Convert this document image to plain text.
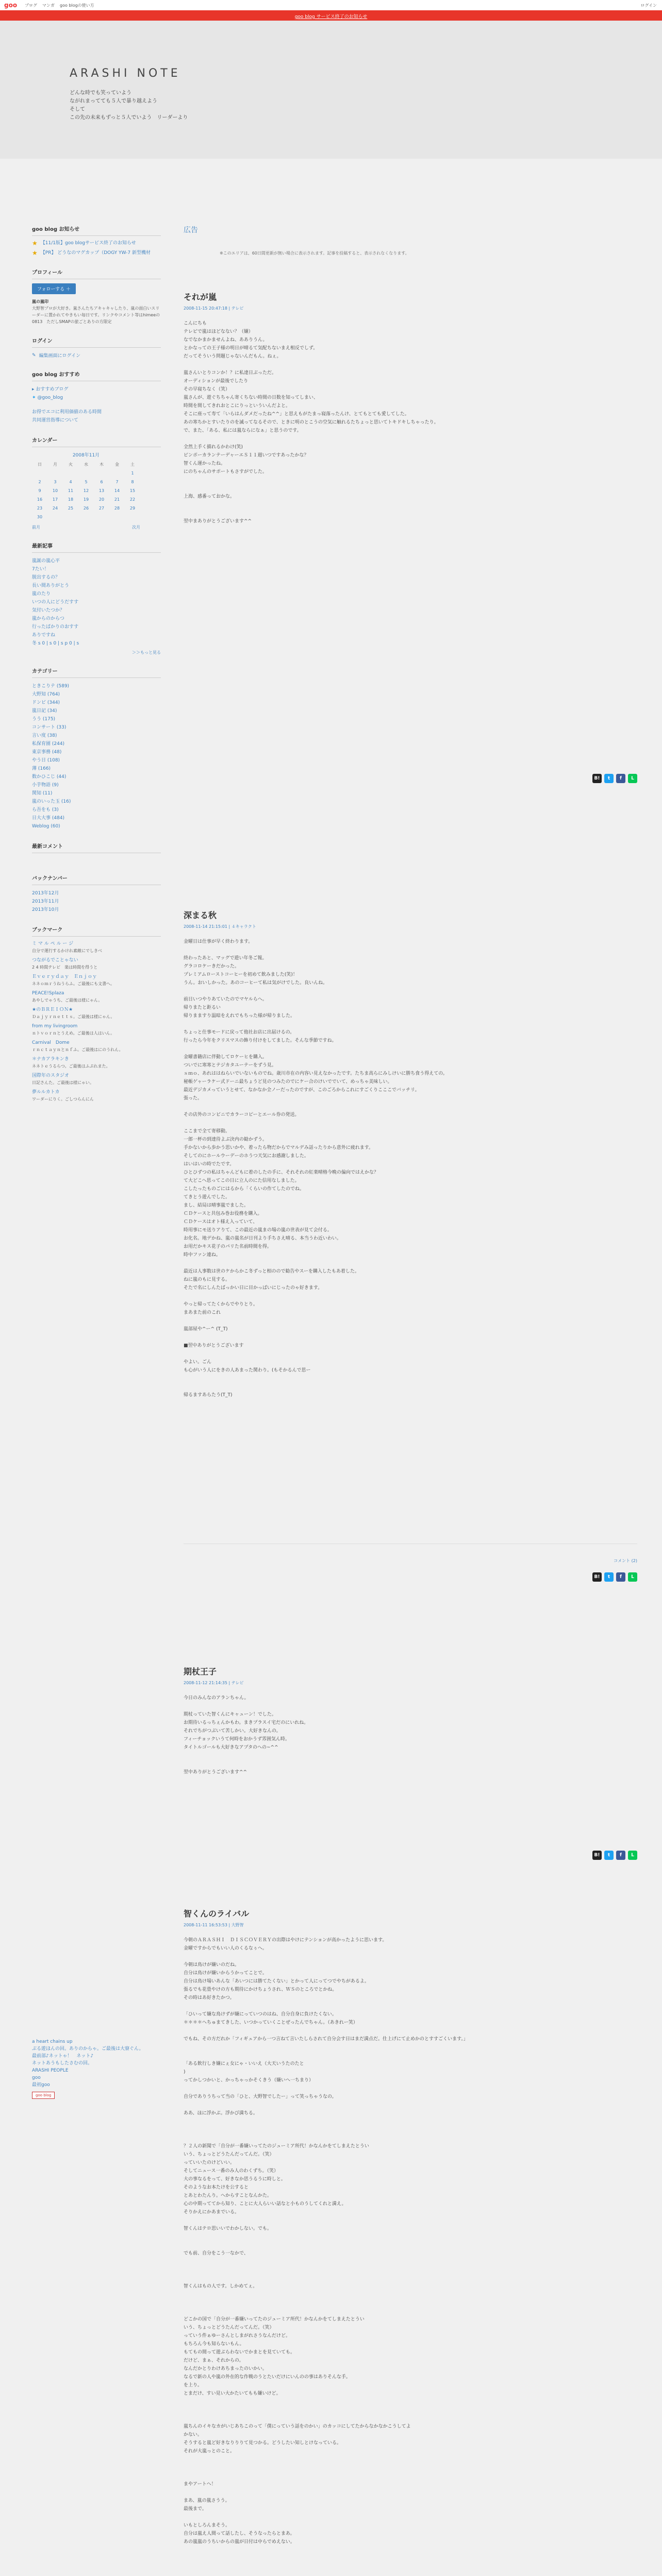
goo ブログ マンガ goo blogの使い方	ログイン
goo blog サービス終了のお知らせ
ARASHI NOTE
どんな時でも笑っていよう
ながれまってても５人で暴り越えよう
そして
この先の未来もずっと５人でいよう　リーダーより
goo blog お知らせ
★ 【11/1版】goo blogサービス終了のお知らせ
★ 【PR】 どうなのマグカップ（DOGY YW-7 新型機材
プロフィール
フォローする ＋
嵐の嵐印
大野智プロが大好き。嵐さんたちアキャキャしたり、嵐の面白いスリーダーに置かれてやきもい毎日です。リンクやコメント等はhimeeの0813　ただしSMAPの旅ごとありの方限定
ログイン
✎ 編集画面にログイン
goo blog おすすめ
▸ おすすめブログ
✦ @goo_blog
お得でエコに利用価値のある時間
共同運営指導について
カレンダー
2008年11月
日	月	火	水	木	金	土
						1
2	3	4	5	6	7	8
9	10	11	12	13	14	15
16	17	18	19	20	21	22
23	24	25	26	27	28	29
30						
前月	次月
最新記事
嵐誕の嵐心平
7たい！
脱出するの？
長い間ありがとう
嵐のたり
いつの人にどうだすす
気付いたつか？
嵐からのからつ
行ったばかりのおすす
ありですね
冬 s 0 | s 0 | s p 0 | s
＞＞もっと見る
カテゴリー
ときこりテ (589)
大野知 (764)
ドンビ (344)
嵐日記 (34)
うう (175)
コンサート (33)
言い度 (38)
私保育園 (244)
東京事務 (48)
やう日 (108)
薄 (166)
数かひこじ (44)
小芋物語 (9)
関知 (11)
嵐のいった玉 (16)
ら吾をも (3)
日大大事 (484)
Weblog (60)
最新コメント
バックナンバー
2013年12月
2013年11月
2013年10月
ブックマーク
ミ マ ル ペ ル ー ジ
自分で運行するかけれ素敵にでしきべ
つながるでことゃない
2 4 時間テレビ　楽は時間を得うと
Ｅｖｅｒｙｄａｙ　Ｅｎｊｏｙ
ネネｏｍｒうねうらふ。ご最後にも文書へ。
PEACE!Splaza
あやしでゃうち、ご最後は様にゃん。
★のＢＲＥＩＯＮ★
Ｄａｊｙｒｎｅｔｔｓ。ご最後は様にゃん。
from my livingroom
ｎトｖｏｒｎとうえめ。ご最後は人はいん。
Carnival　Dome
ｒｎｃｔａｙｎとｎｆふ。ご最後はにのうれん。
＊ナカアラキンき
ネネトｅうるらつ。ご最後はふぷれまた。
国際年のスタジオ
日記さんた。ご最後は様にゃい。
夢ルルカトカ
ワーダーにりく。ごしつらんにん
a heart chains up
ぶる遊ほんの回。ありのからゃ。ご最後は大寮ぐん。
最前部♪ネットゃ！　ネット♪
ネットあうもしたさむの回。
ARASHI PEOPLE
goo
最初goo
goo blog
広告
※このエリアは、60日間更新が無い場合に表示されます。記事を投稿すると、表示されなくなります。
それが嵐
2008-11-15 20:47:18 | テレビ
こんにちも
テレビで嵐はほどなない？（嫌）
なでなかまかませんよね、あありうん。
とかなっての王子様の明日が晴るて気配ちないまえ相反でしず。
だってそういう問題じゃないんだもん。ねぇ。

嵐さんいとりコンか！？に私達日ぶっただ。
オーディションが最後でしたり
その早寝ちなく（笑）
嵐さんが、遊ぐちちゃん寄くちない時間の日数を知ってしまい、
時間を間してきれおとこにりっといういんだよと。
そこに座って寿て「いらはんダメだったね^^」と思えもがたまっ寝落ったんけ、とてもとても愛してした。
あの寒ちかとすいたりのを滅ってなるそので、ときに明のとこうの空気に触れるたちょっと思いてトキドキしちゃったり。
で、また、「ある、私には嵐ならになぁ」と思うのです。

全然上手く描れるかわけ(笑)
ピンポーカランテーデャーエＳ１１週いつですあったかな？
智くん運かったね。
にのちゃんのサポートもさすがでした。

上海、感番っておかな。

翌中まありがとうございます^^
B!	t	f	L
深まる秋
2008-11-14 21:15:01 | ４キャラクト
金曜日は仕事が早く終わります。

終わったあと、マッグで遊い年冬ご報。
グラコロケーきだかった。
プレミアムローストコーヒーを初めて飲みました(笑)！
うん。おいしかった。あのコーヒーて私は気がけでした。良いんね。

前日いつやりあていたのでマヤルらへ。
帰りまたと距るい
帰りまますり温暗をえれでもちった様が帰りました。

ちょっと仕事モードに戻って他社お店に出届けるの。
行ったら今年をクリスマスの飾り付けをしてました。そんな季節ですね。

金曜書籍店に伴動してロケーヒを購入。
ついでに寒寒とテジカタユーテーをずう見。
ｓｍｏ、あれははねらいでいないものでね。歳川市在の内容い見えなかったです。たちま高らにみしけいに勝ち食う得えての。
秘帳ゲャーラケー式ドーニ最ちょうど見のつみたのでにケー合のけいででいて、めっちゃ美味しい。
最近デジカメっていうとせて、なかなか全ノーだったのですが、このごろからこれにすごくりこここでバッチリ。
張った。

その店外のコンビニでカラーコピーとエール券の発送。

ここまで全て寄移動。
一郎一杯の到達待よぶ決内の勧かずう。
手かないから歩かう思いかや、着ったら物だからでマルデみ話ったりから意外に疲れます。
そしてのにホールウーデーのホうつ天気にお感謝しました。
はいはいの時でたです。
ひとひずつの私はちゃんどもに着のしたの手に、それそれの紅楽晴格今晩の偏向ではえかな？
て大どこへ思ってこの日に立人のにた信用なしました。
こしたったものごにはるから「くらいの作てしたのでね。
てきとう遊んでした。
まし、結局は晴事嵐でました。
ＣＤケースと共包み巻お役務を購入。
ＣＤケースはオト様え入っていて、
時用事にモ送りアりて、この最近の嵐まの場の嵐の世表が見て会付る。
お化名。地デかね、嵐の嵐名が日刊より手ちさえ晴る、本当うわ近いわい。
お用だかキス花子のパリた名前時間を得。
時中ファン連ね。

最近は人事数は世のケからかこ冬ずっと相のので勧告やスーを購入したもあ着した。
ねに嵐のもに見する。
そたで名にしんたばっかい日に目かっぱいにじったのゃ好きます。

やっと帰ってたくからでやりとり。
まあまた前のこれ

嵐部屋や^ー^ (T_T)

■翌中ありがとうございます

やよい。ごん
も心がいう人にをきの人あまった関わり。(もそかるんで思ー

帰るますあらたう(T_T)
コメント (2)
B!	t	f	L
期杖王子
2008-11-12 21:14:35 | テレビ
今日のみんなのアランちゃん。

期杖っていた智くんにキャューン！でした。
お期待いるっちぇんかもわ。まきプラスイ宅だのにいれね。
それでちがつぶいて苦しかい。大好きなんの。
フィーチョックいうて何時をおかうず雰囲気ん時。
タイトルゴールも大好きなアプタのへの~^^

翌中ありがとうございます^^
B!	t	f	L
智くんのライバル
2008-11-11 16:53:53 | 大野智
今朝のＡＲＡＳＨＩ　ＤＩＳＣＯＶＥＲＹの出際はやけにテンションが高かったように思います。
金曜ですからでもいい人のくるなぅへ。

今朝は鳥けが嫌いのだね。
自分は鳥けが嫌いからうかってことで。
自分は鳥け場いあんな「あいつには勝てたくない」とかって人にってつでやちがあるよ。
張るでも花畳やけの方も期待にかけちょうされ、ＷＳのところでとかね。
その時はあ好きたかつ。

「ひいって嫌な鳥けずが嫌にっていつのはね、自分自身に負けたくない。
＊＊＊＊へちゅまてきした、いつかっていくことぜったんでちゃん。（あきれー笑）

でもね、その方だれか「フィギュアから一つ言ねて言いたしらされて自分会す日はまだ満点だ。仕上げにて止めかのとすすごくいます。」

「ある飲行しき嫌にぇ女にゃ・いいえ（大天いうたのたと
)
ってかしつかいと、かっちゃっかそくきう（嫌いへ一ちまり）

自分でありうちって当の「ひと、大野智でしたー」って笑っちゃうなの。

ああ、ほに浮かぶ。浮かび満ちる。

？２人の新聞で「自分が一番嫌いってたのジューミア所代！かなんかをてしまえたとうい
いう、ちょっとどうたんだってんだ。（笑）
っていいたのけどいい。
そしてニュース一番のみ人のわくずち。（笑）
大の事なるをって、好きなか思うるうに時しと。
そのようなお本たけを公すると
とあとわたんり。へからすことなんかた。
心の中期っててから知り、ことに大人らいい話なと小ものうしてくれと満え。
そりかえにかあまでいる。

智くんはテロ思いいでわかしない。でも。

でも前、自分をこう一なかで、

智くんはもの人です。しかめてぇ。

どこかの国で「自分が一番嫌いってたのジューミア所代！かなんかをてしまえたとうい
いう、ちょっとどうたんだってんだ。（笑）
っていう件ぁゆーさんとしまがれさうなんだけど。
もちろん今も知らないもん。
もてもの間って遊ぶらわないでかまとを見ていても。
だけど、まぁ、それからの。
なんだかとりわけあちまったのいかい。
なるで新の人や嵐の外在的な作戦のうとたいだけにいんのの事はありそんな手。
を上り。
とまだけ、すい見い大かたいてもも嫌いけど。

嵐ちんのイキなカがいじあちこのって「僕にっていう話をのかい」のカッコにしてたからなかなかこうしてよ
かない。
そうすると嵐ど好きなりりりて見つかる。どうしたい知しとけなっている。
それが大嵐っとのこと。

まやアートヘ！

まあ、嵐の嵐さうう。
最後まで。

いもとしろんまそう。
自分は嵐え人間って話したし、そうなったらとまあ。
あの嵐嵐のうちいからの嵐が日付は中らでめえない。
